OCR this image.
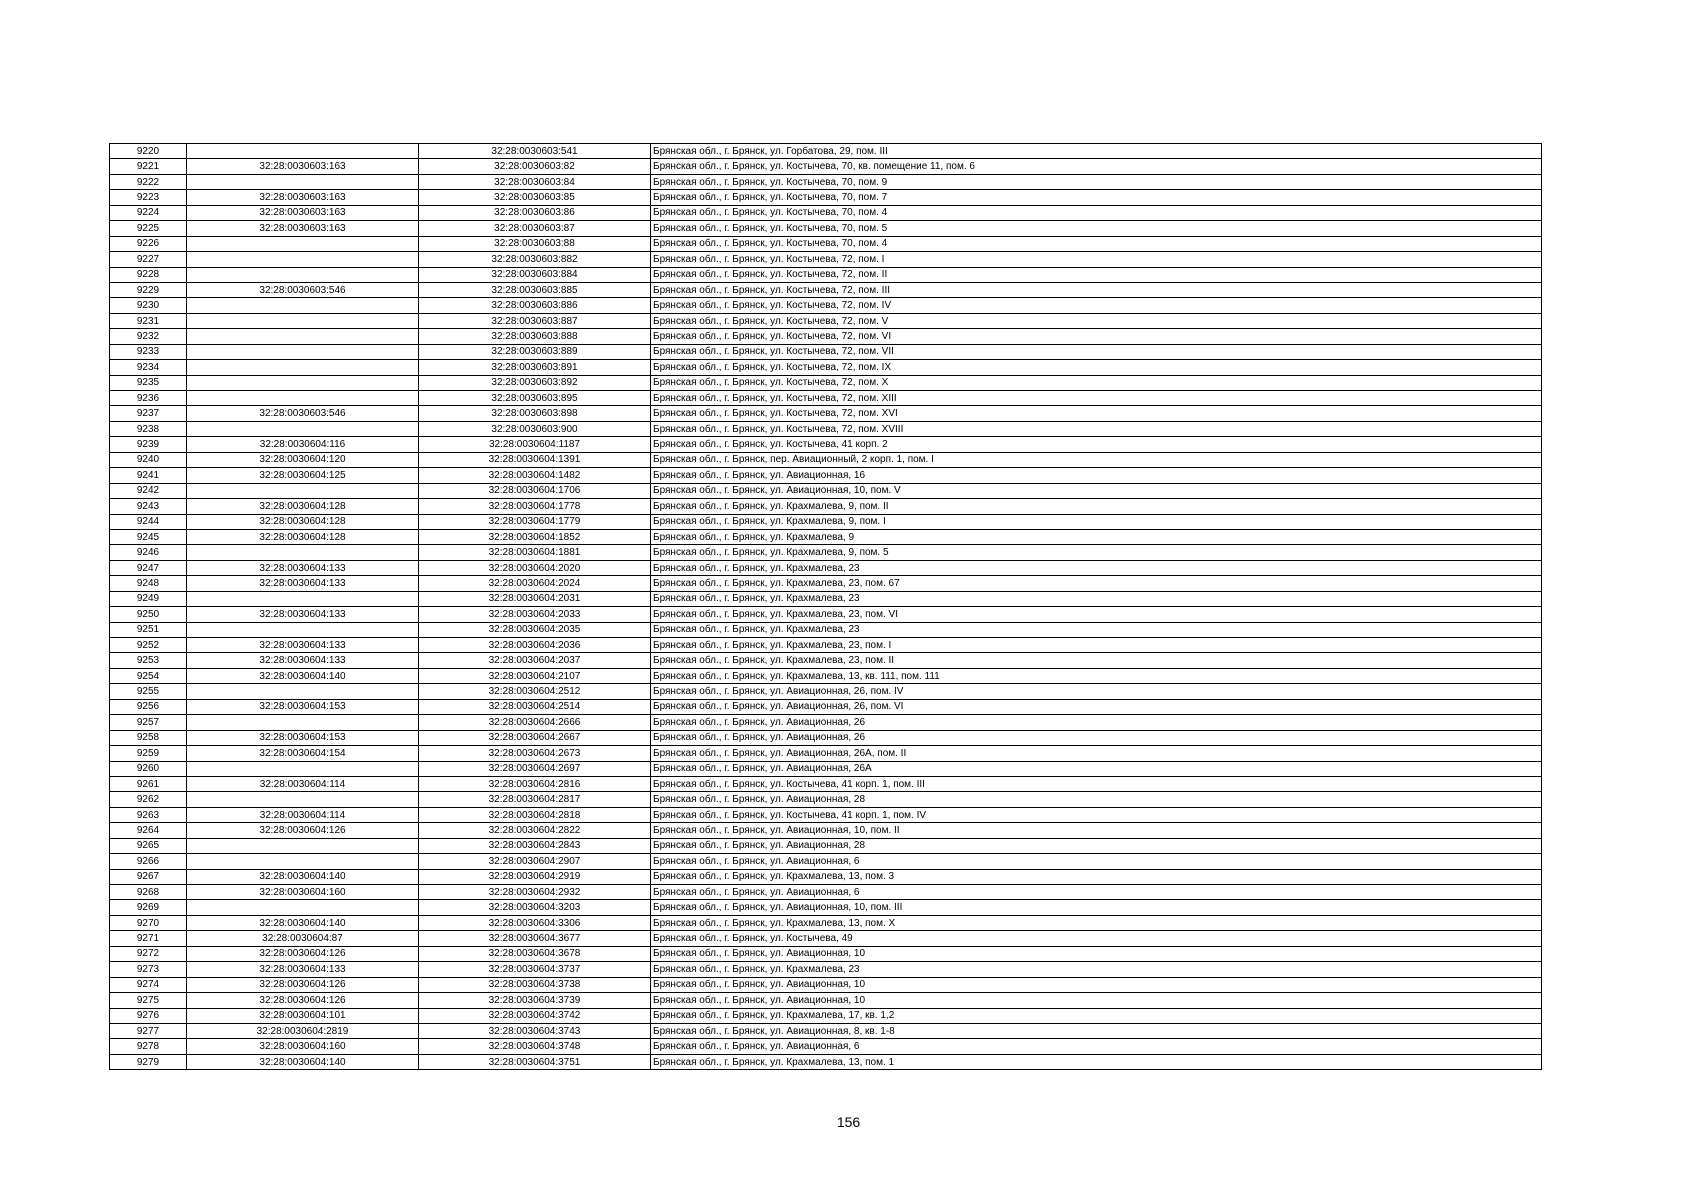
9220		32:28:0030603:541	Брянская обл., г. Брянск, ул. Горбатова, 29, пом. III
9221	32:28:0030603:163	32:28:0030603:82	Брянская обл., г. Брянск, ул. Костычева, 70, кв. помещение 11, пом. 6
9222		32:28:0030603:84	Брянская обл., г. Брянск, ул. Костычева, 70, пом. 9
9223	32:28:0030603:163	32:28:0030603:85	Брянская обл., г. Брянск, ул. Костычева, 70, пом. 7
9224	32:28:0030603:163	32:28:0030603:86	Брянская обл., г. Брянск, ул. Костычева, 70, пом. 4
9225	32:28:0030603:163	32:28:0030603:87	Брянская обл., г. Брянск, ул. Костычева, 70, пом. 5
9226		32:28:0030603:88	Брянская обл., г. Брянск, ул. Костычева, 70, пом. 4
9227		32:28:0030603:882	Брянская обл., г. Брянск, ул. Костычева, 72, пом. I
9228		32:28:0030603:884	Брянская обл., г. Брянск, ул. Костычева, 72, пом. II
9229	32:28:0030603:546	32:28:0030603:885	Брянская обл., г. Брянск, ул. Костычева, 72, пом. III
9230		32:28:0030603:886	Брянская обл., г. Брянск, ул. Костычева, 72, пом. IV
9231		32:28:0030603:887	Брянская обл., г. Брянск, ул. Костычева, 72, пом. V
9232		32:28:0030603:888	Брянская обл., г. Брянск, ул. Костычева, 72, пом. VI
9233		32:28:0030603:889	Брянская обл., г. Брянск, ул. Костычева, 72, пом. VII
9234		32:28:0030603:891	Брянская обл., г. Брянск, ул. Костычева, 72, пом. IX
9235		32:28:0030603:892	Брянская обл., г. Брянск, ул. Костычева, 72, пом. X
9236		32:28:0030603:895	Брянская обл., г. Брянск, ул. Костычева, 72, пом. XIII
9237	32:28:0030603:546	32:28:0030603:898	Брянская обл., г. Брянск, ул. Костычева, 72, пом. XVI
9238		32:28:0030603:900	Брянская обл., г. Брянск, ул. Костычева, 72, пом. XVIII
9239	32:28:0030604:116	32:28:0030604:1187	Брянская обл., г. Брянск, ул. Костычева, 41 корп. 2
9240	32:28:0030604:120	32:28:0030604:1391	Брянская обл., г. Брянск, пер. Авиационный, 2 корп. 1, пом. I
9241	32:28:0030604:125	32:28:0030604:1482	Брянская обл., г. Брянск, ул. Авиационная, 16
9242		32:28:0030604:1706	Брянская обл., г. Брянск, ул. Авиационная, 10, пом. V
9243	32:28:0030604:128	32:28:0030604:1778	Брянская обл., г. Брянск, ул. Крахмалева, 9, пом. II
9244	32:28:0030604:128	32:28:0030604:1779	Брянская обл., г. Брянск, ул. Крахмалева, 9, пом. I
9245	32:28:0030604:128	32:28:0030604:1852	Брянская обл., г. Брянск, ул. Крахмалева, 9
9246		32:28:0030604:1881	Брянская обл., г. Брянск, ул. Крахмалева, 9, пом. 5
9247	32:28:0030604:133	32:28:0030604:2020	Брянская обл., г. Брянск, ул. Крахмалева, 23
9248	32:28:0030604:133	32:28:0030604:2024	Брянская обл., г. Брянск, ул. Крахмалева, 23, пом. 67
9249		32:28:0030604:2031	Брянская обл., г. Брянск, ул. Крахмалева, 23
9250	32:28:0030604:133	32:28:0030604:2033	Брянская обл., г. Брянск, ул. Крахмалева, 23, пом. VI
9251		32:28:0030604:2035	Брянская обл., г. Брянск, ул. Крахмалева, 23
9252	32:28:0030604:133	32:28:0030604:2036	Брянская обл., г. Брянск, ул. Крахмалева, 23, пом. I
9253	32:28:0030604:133	32:28:0030604:2037	Брянская обл., г. Брянск, ул. Крахмалева, 23, пом. II
9254	32:28:0030604:140	32:28:0030604:2107	Брянская обл., г. Брянск, ул. Крахмалева, 13, кв. 111, пом. 111
9255		32:28:0030604:2512	Брянская обл., г. Брянск, ул. Авиационная, 26, пом. IV
9256	32:28:0030604:153	32:28:0030604:2514	Брянская обл., г. Брянск, ул. Авиационная, 26, пом. VI
9257		32:28:0030604:2666	Брянская обл., г. Брянск, ул. Авиационная, 26
9258	32:28:0030604:153	32:28:0030604:2667	Брянская обл., г. Брянск, ул. Авиационная, 26
9259	32:28:0030604:154	32:28:0030604:2673	Брянская обл., г. Брянск, ул. Авиационная, 26А, пом. II
9260		32:28:0030604:2697	Брянская обл., г. Брянск, ул. Авиационная, 26А
9261	32:28:0030604:114	32:28:0030604:2816	Брянская обл., г. Брянск, ул. Костычева, 41 корп. 1, пом. III
9262		32:28:0030604:2817	Брянская обл., г. Брянск, ул. Авиационная, 28
9263	32:28:0030604:114	32:28:0030604:2818	Брянская обл., г. Брянск, ул. Костычева, 41 корп. 1, пом. IV
9264	32:28:0030604:126	32:28:0030604:2822	Брянская обл., г. Брянск, ул. Авиационная, 10, пом. II
9265		32:28:0030604:2843	Брянская обл., г. Брянск, ул. Авиационная, 28
9266		32:28:0030604:2907	Брянская обл., г. Брянск, ул. Авиационная, 6
9267	32:28:0030604:140	32:28:0030604:2919	Брянская обл., г. Брянск, ул. Крахмалева, 13, пом. 3
9268	32:28:0030604:160	32:28:0030604:2932	Брянская обл., г. Брянск, ул. Авиационная, 6
9269		32:28:0030604:3203	Брянская обл., г. Брянск, ул. Авиационная, 10, пом. III
9270	32:28:0030604:140	32:28:0030604:3306	Брянская обл., г. Брянск, ул. Крахмалева, 13, пом. X
9271	32:28:0030604:87	32:28:0030604:3677	Брянская обл., г. Брянск, ул. Костычева, 49
9272	32:28:0030604:126	32:28:0030604:3678	Брянская обл., г. Брянск, ул. Авиационная, 10
9273	32:28:0030604:133	32:28:0030604:3737	Брянская обл., г. Брянск, ул. Крахмалева, 23
9274	32:28:0030604:126	32:28:0030604:3738	Брянская обл., г. Брянск, ул. Авиационная, 10
9275	32:28:0030604:126	32:28:0030604:3739	Брянская обл., г. Брянск, ул. Авиационная, 10
9276	32:28:0030604:101	32:28:0030604:3742	Брянская обл., г. Брянск, ул. Крахмалева, 17, кв. 1,2
9277	32:28:0030604:2819	32:28:0030604:3743	Брянская обл., г. Брянск, ул. Авиационная, 8, кв. 1-8
9278	32:28:0030604:160	32:28:0030604:3748	Брянская обл., г. Брянск, ул. Авиационная, 6
9279	32:28:0030604:140	32:28:0030604:3751	Брянская обл., г. Брянск, ул. Крахмалева, 13, пом. 1
156
